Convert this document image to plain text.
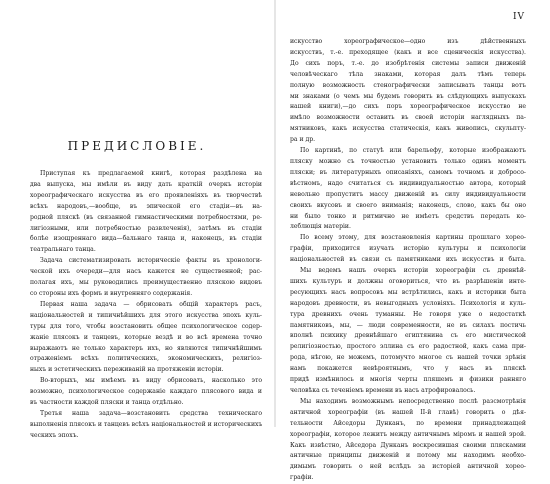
ПРЕДИСЛОВІЕ.
Приступая къ предлагаемой книгѣ, которая раздѣлена на
два выпуска, мы имѣли въ виду дать краткій очеркъ исторіи
хореографическаго искусства въ его проявленіяхъ въ творчествѣ
всѣхъ народовъ,—вообще, въ эпической его стадіи—въ на-
родной пляскѣ (въ связанной гимнастическими потребностями, ре-
лигіозными, или потребностью развлеченія), затѣмъ въ стадіи
болѣе изощреннаго вида—бальнаго танца и, наконецъ, въ стадіи
театральнаго танца.
Задача систематизировать историческіе факты въ хронологи-
ческой ихъ очереди—для насъ кажется не существенной; рас-
полагая ихъ, мы руководились преимущественно пляскою видовъ
со стороны ихъ формъ и внутренняго содержанія.
Первая наша задача — обрисовать общій характеръ расъ,
національностей и типичнѣйшихъ для этого искусства эпохъ куль-
туры для того, чтобы возстановить общее психологическое содер-
жаніе плясокъ и танцевъ, которые вездѣ и во всѣ времена точно
выражаютъ не только характеръ ихъ, но являются типичнѣйшимъ
отраженіемъ всѣхъ политическихъ, экономическихъ, религіоз-
ныхъ и эстетическихъ переживаній на протяженіи исторіи.
Во-вторыхъ, мы имѣемъ въ виду обрисовать, насколько это
возможно, психологическое содержаніе каждаго плясового вида и
въ частности каждой пляски и танца отдѣльно.
Третья наша задача—возстановить средства техническаго
выполненія плясокъ и танцевъ всѣхъ національностей и историческихъ
ческихъ эпохъ.
IV
искусство хореографическое—одно изъ дѣйственныхъ
искусствъ, т.-е. преходящее (какъ и все сценическія искусства).
До сихъ поръ, т.-е. до изобрѣтенія системы записи движеній
человѣческаго тѣла знаками, которая далъ тѣмъ теперь
полную возможность стенографически записывать танцы вотъ
ми знаками (о чемъ мы будемъ говорить въ слѣдующихъ выпускахъ
нашей книги),—до сихъ поръ хореографическое искусство не
имѣло возможности оставить въ своей исторіи наглядныхъ па-
мятниковъ, какъ искусства статическія, какъ живопись, скульпту-
ра и др.
По картинѣ, по статуѣ или барельефу, которые изображаютъ
пляску можно съ точностью установить только одинъ моментъ
пляски; въ литературныхъ описаніяхъ, самомъ точномъ и добросо-
вѣстномъ, надо считаться съ индивидуальностью автора, который
невольно пропуститъ массу движеній въ силу индивидуальности
своихъ вкусовъ и своего вниманія; наконецъ, слово, какъ бы оно
ни было тонко и ритмично не имѣетъ средствъ передать ко-
леблющія матеріи.
По всему этому, для возстановленія картины прошлаго хорео-
графіи, приходится изучать исторію культуры и психологіи
національностей въ связи съ памятниками ихъ искусствъ и быта.
Мы ведемъ нашъ очеркъ исторіи хореографіи съ древнѣй-
шихъ культуръ и должны оговориться, что въ разрѣшеніи инте-
ресующихъ насъ вопросовъ мы встрѣтились, какъ и историки быта
народовъ древности, въ невыгодныхъ условіяхъ. Психологія и куль-
тура древнихъ очень туманны. Не говоря уже о недостаткѣ
памятниковъ, мы, — люди современности, не въ силахъ постичь
вполнѣ психику древнѣйшаго египтянина съ его мистической
религіозностью, простого эллина съ его радостной, какъ сама при-
рода, нѣгою, не можемъ, потомучто многое съ нашей точки зрѣнія
намъ покажется невѣроятнымъ, что у насъ въ пляскѣ
придѣ измѣнилось и многія черты пляшемъ и физики ранняго
человѣка съ теченіемъ времени въ насъ атрофировалось.
Мы находимъ возможнымъ непосредственно послѣ разсмотрѣнія
античной хореографіи (въ нашей II-й главѣ) говорить о дѣя-
тельности Айседоры Дунканъ, по времени принадлежащей
хореографіи, которое лежитъ между античнымъ міромъ и нашей эрой.
Какъ извѣстно, Айседора Дунканъ воскресившая своими пляскамии
античные принципы движеній и потому мы находимъ необхо-
димымъ говорить о ней вслѣдъ за исторіей античной хорео-
графіи.
